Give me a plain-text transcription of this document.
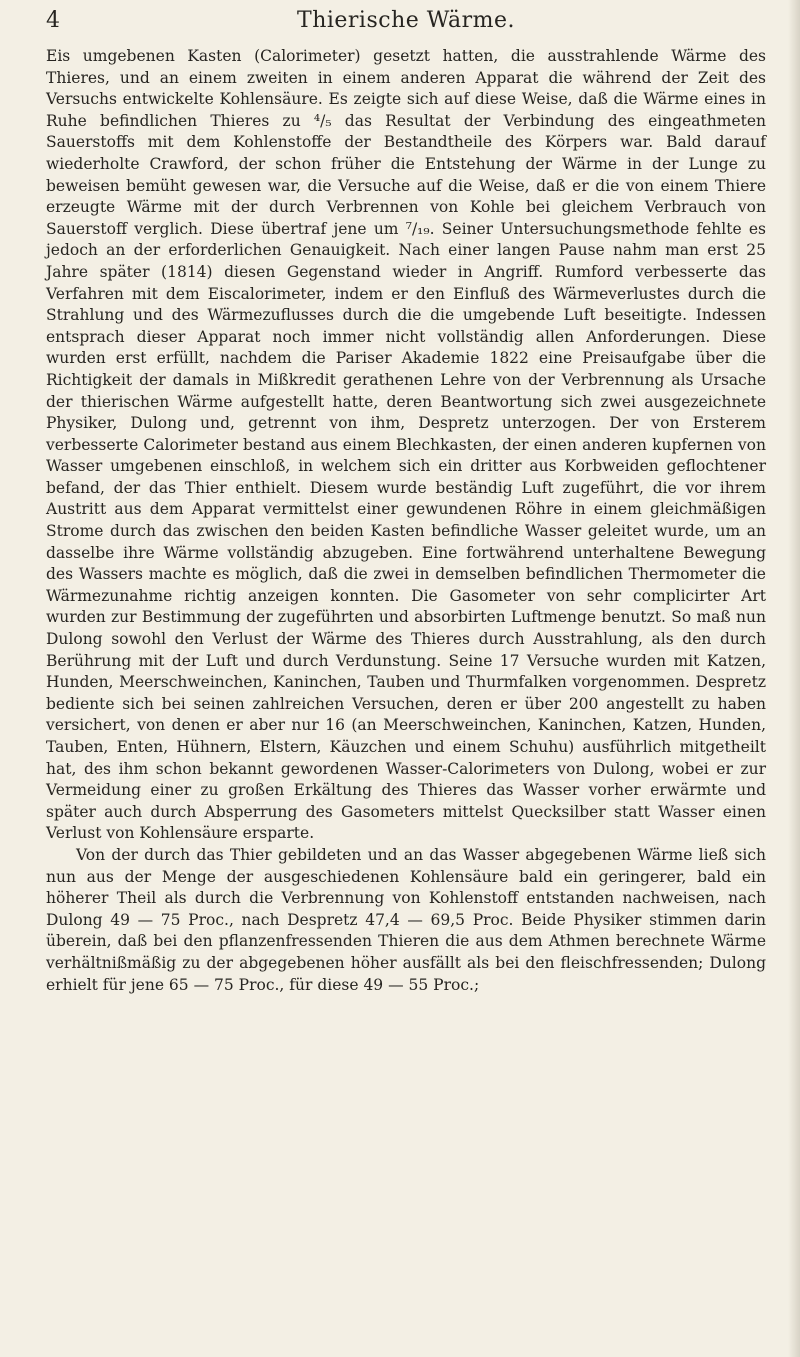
4	Thierische Wärme.

Eis umgebenen Kasten (Calorimeter) gesetzt hatten, die ausstrahlende Wärme des Thieres, und an einem zweiten in einem anderen Apparat die während der Zeit des Versuchs entwickelte Kohlensäure. Es zeigte sich auf diese Weise, daß die Wärme eines in Ruhe befindlichen Thieres zu ⁴/₅ das Resultat der Verbindung des eingeathmeten Sauerstoffs mit dem Kohlenstoffe der Bestandtheile des Körpers war. Bald darauf wiederholte Crawford, der schon früher die Entstehung der Wärme in der Lunge zu beweisen bemüht gewesen war, die Versuche auf die Weise, daß er die von einem Thiere erzeugte Wärme mit der durch Verbrennen von Kohle bei gleichem Verbrauch von Sauerstoff verglich. Diese übertraf jene um ⁷/₁₉. Seiner Untersuchungsmethode fehlte es jedoch an der erforderlichen Genauigkeit. Nach einer langen Pause nahm man erst 25 Jahre später (1814) diesen Gegenstand wieder in Angriff. Rumford verbesserte das Verfahren mit dem Eiscalorimeter, indem er den Einfluß des Wärmeverlustes durch die Strahlung und des Wärmezuflusses durch die die umgebende Luft beseitigte. Indessen entsprach dieser Apparat noch immer nicht vollständig allen Anforderungen. Diese wurden erst erfüllt, nachdem die Pariser Akademie 1822 eine Preisaufgabe über die Richtigkeit der damals in Mißkredit gerathenen Lehre von der Verbrennung als Ursache der thierischen Wärme aufgestellt hatte, deren Beantwortung sich zwei ausgezeichnete Physiker, Dulong und, getrennt von ihm, Despretz unterzogen. Der von Ersterem verbesserte Calorimeter bestand aus einem Blechkasten, der einen anderen kupfernen von Wasser umgebenen einschloß, in welchem sich ein dritter aus Korbweiden geflochtener befand, der das Thier enthielt. Diesem wurde beständig Luft zugeführt, die vor ihrem Austritt aus dem Apparat vermittelst einer gewundenen Röhre in einem gleichmäßigen Strome durch das zwischen den beiden Kasten befindliche Wasser geleitet wurde, um an dasselbe ihre Wärme vollständig abzugeben. Eine fortwährend unterhaltene Bewegung des Wassers machte es möglich, daß die zwei in demselben befindlichen Thermometer die Wärmezunahme richtig anzeigen konnten. Die Gasometer von sehr complicirter Art wurden zur Bestimmung der zugeführten und absorbirten Luftmenge benutzt. So maß nun Dulong sowohl den Verlust der Wärme des Thieres durch Ausstrahlung, als den durch Berührung mit der Luft und durch Verdunstung. Seine 17 Versuche wurden mit Katzen, Hunden, Meerschweinchen, Kaninchen, Tauben und Thurmfalken vorgenommen. Despretz bediente sich bei seinen zahlreichen Versuchen, deren er über 200 angestellt zu haben versichert, von denen er aber nur 16 (an Meerschweinchen, Kaninchen, Katzen, Hunden, Tauben, Enten, Hühnern, Elstern, Käuzchen und einem Schuhu) ausführlich mitgetheilt hat, des ihm schon bekannt gewordenen Wasser-Calorimeters von Dulong, wobei er zur Vermeidung einer zu großen Erkältung des Thieres das Wasser vorher erwärmte und später auch durch Absperrung des Gasometers mittelst Quecksilber statt Wasser einen Verlust von Kohlensäure ersparte.

Von der durch das Thier gebildeten und an das Wasser abgegebenen Wärme ließ sich nun aus der Menge der ausgeschiedenen Kohlensäure bald ein geringerer, bald ein höherer Theil als durch die Verbrennung von Kohlenstoff entstanden nachweisen, nach Dulong 49 — 75 Proc., nach Despretz 47,4 — 69,5 Proc. Beide Physiker stimmen darin überein, daß bei den pflanzenfressenden Thieren die aus dem Athmen berechnete Wärme verhältnißmäßig zu der abgegebenen höher ausfällt als bei den fleischfressenden; Dulong erhielt für jene 65 — 75 Proc., für diese 49 — 55 Proc.;
